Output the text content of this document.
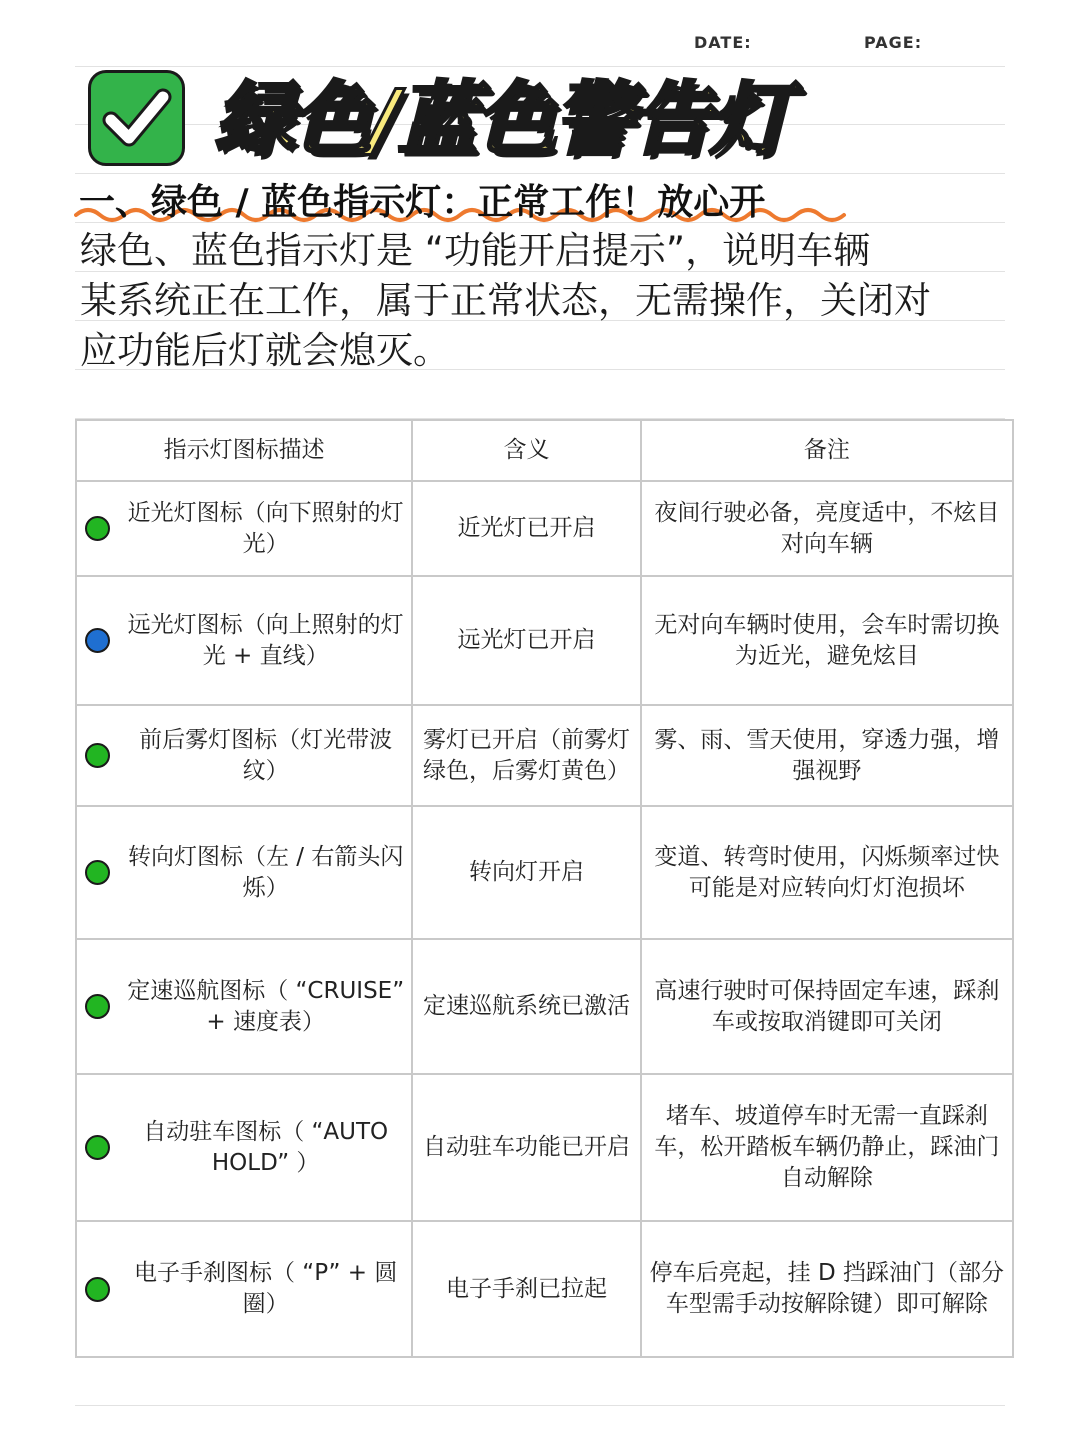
DATE:	PAGE:
绿色/蓝色警告灯
一、绿色 / 蓝色指示灯：正常工作！放心开
绿色、蓝色指示灯是 “功能开启提示”，说明车辆
某系统正在工作，属于正常状态，无需操作，关闭对
应功能后灯就会熄灭。
指示灯图标描述	含义	备注

近光灯图标（向下照射的灯光）	近光灯已开启	夜间行驶必备，亮度适中，不炫目对向车辆

远光灯图标（向上照射的灯光 + 直线）	远光灯已开启	无对向车辆时使用，会车时需切换为近光，避免炫目

前后雾灯图标（灯光带波纹）	雾灯已开启（前雾灯绿色，后雾灯黄色）	雾、雨、雪天使用，穿透力强，增强视野

转向灯图标（左 / 右箭头闪烁）	转向灯开启	变道、转弯时使用，闪烁频率过快可能是对应转向灯灯泡损坏

定速巡航图标（ “CRUISE” + 速度表）	定速巡航系统已激活	高速行驶时可保持固定车速，踩刹车或按取消键即可关闭

自动驻车图标（ “AUTO HOLD” ）	自动驻车功能已开启	堵车、坡道停车时无需一直踩刹车，松开踏板车辆仍静止，踩油门自动解除

电子手刹图标（ “P” + 圆圈）	电子手刹已拉起	停车后亮起，挂 D 挡踩油门（部分车型需手动按解除键）即可解除
